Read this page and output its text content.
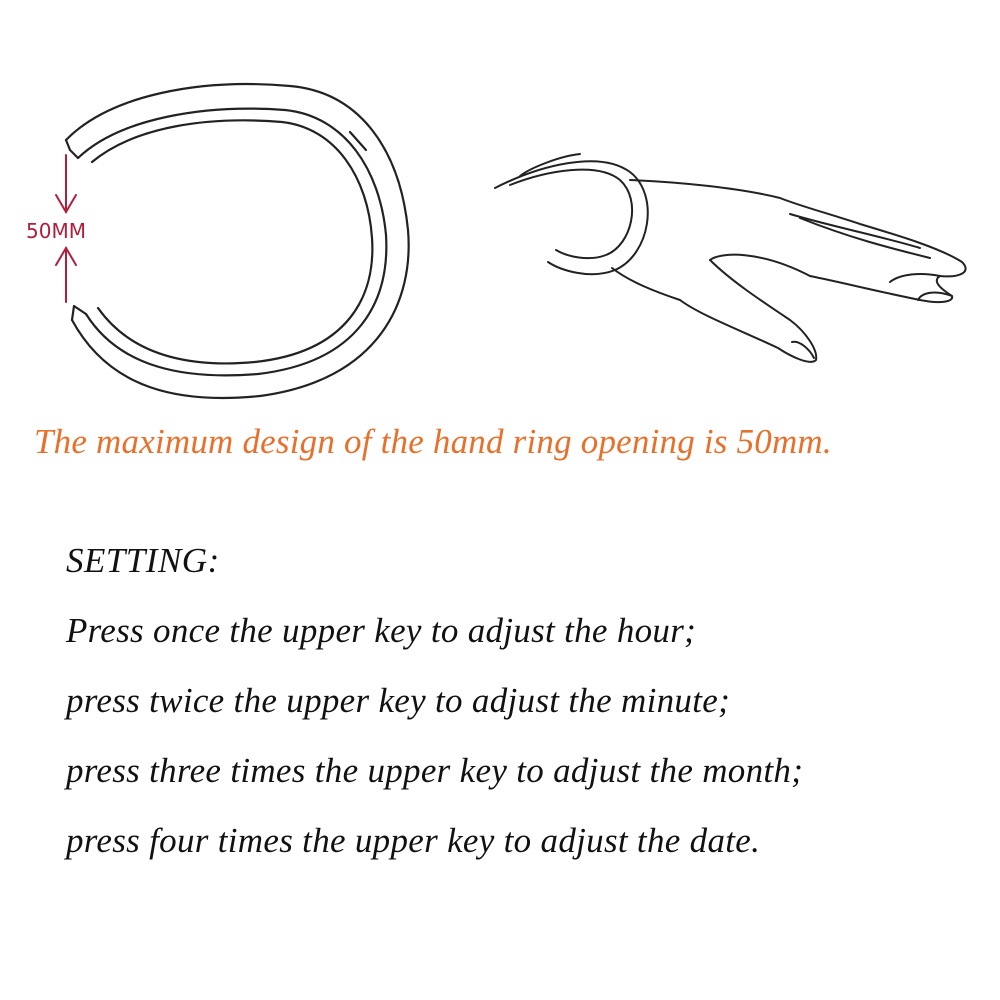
50MM
The maximum design of the hand ring opening is 50mm.

SETTING:

Press once the upper key to adjust the hour;
press twice the upper key to adjust the minute;
press three times the upper key to adjust the month;
press four times the upper key to adjust the date.
